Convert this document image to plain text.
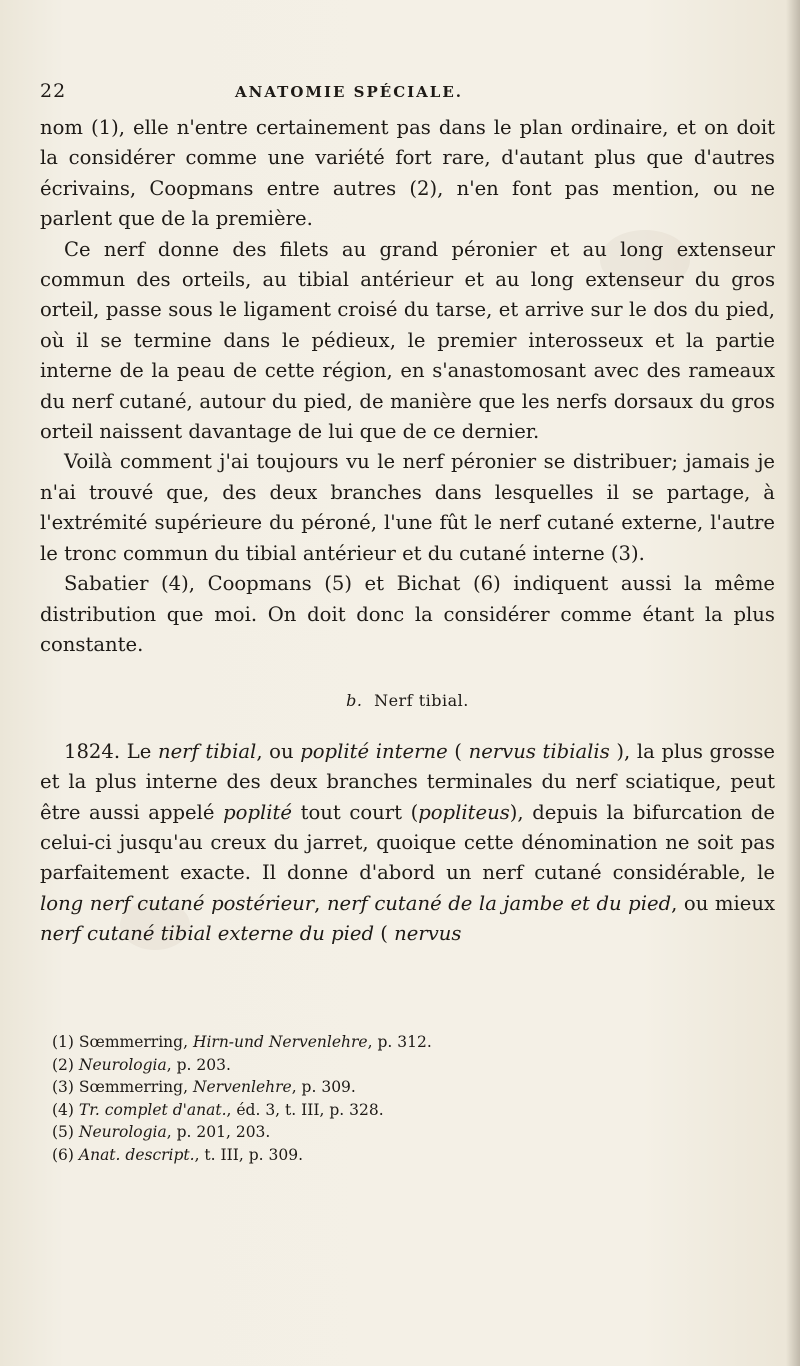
22	ANATOMIE SPÉCIALE.

nom (1), elle n'entre certainement pas dans le plan ordinaire, et on doit la considérer comme une variété fort rare, d'autant plus que d'autres écrivains, Coopmans entre autres (2), n'en font pas mention, ou ne parlent que de la première.

Ce nerf donne des filets au grand péronier et au long extenseur commun des orteils, au tibial antérieur et au long extenseur du gros orteil, passe sous le ligament croisé du tarse, et arrive sur le dos du pied, où il se termine dans le pédieux, le premier interosseux et la partie interne de la peau de cette région, en s'anastomosant avec des rameaux du nerf cutané, autour du pied, de manière que les nerfs dorsaux du gros orteil naissent davantage de lui que de ce dernier.

Voilà comment j'ai toujours vu le nerf péronier se distribuer; jamais je n'ai trouvé que, des deux branches dans lesquelles il se partage, à l'extrémité supérieure du péroné, l'une fût le nerf cutané externe, l'autre le tronc commun du tibial antérieur et du cutané interne (3).

Sabatier (4), Coopmans (5) et Bichat (6) indiquent aussi la même distribution que moi. On doit donc la considérer comme étant la plus constante.

b. Nerf tibial.

1824. Le nerf tibial, ou poplité interne ( nervus tibialis ), la plus grosse et la plus interne des deux branches terminales du nerf sciatique, peut être aussi appelé poplité tout court (popliteus), depuis la bifurcation de celui-ci jusqu'au creux du jarret, quoique cette dénomination ne soit pas parfaitement exacte. Il donne d'abord un nerf cutané considérable, le long nerf cutané postérieur, nerf cutané de la jambe et du pied, ou mieux nerf cutané tibial externe du pied ( nervus

(1) Sœmmerring, Hirn-und Nervenlehre, p. 312.
(2) Neurologia, p. 203.
(3) Sœmmerring, Nervenlehre, p. 309.
(4) Tr. complet d'anat., éd. 3, t. III, p. 328.
(5) Neurologia, p. 201, 203.
(6) Anat. descript., t. III, p. 309.
